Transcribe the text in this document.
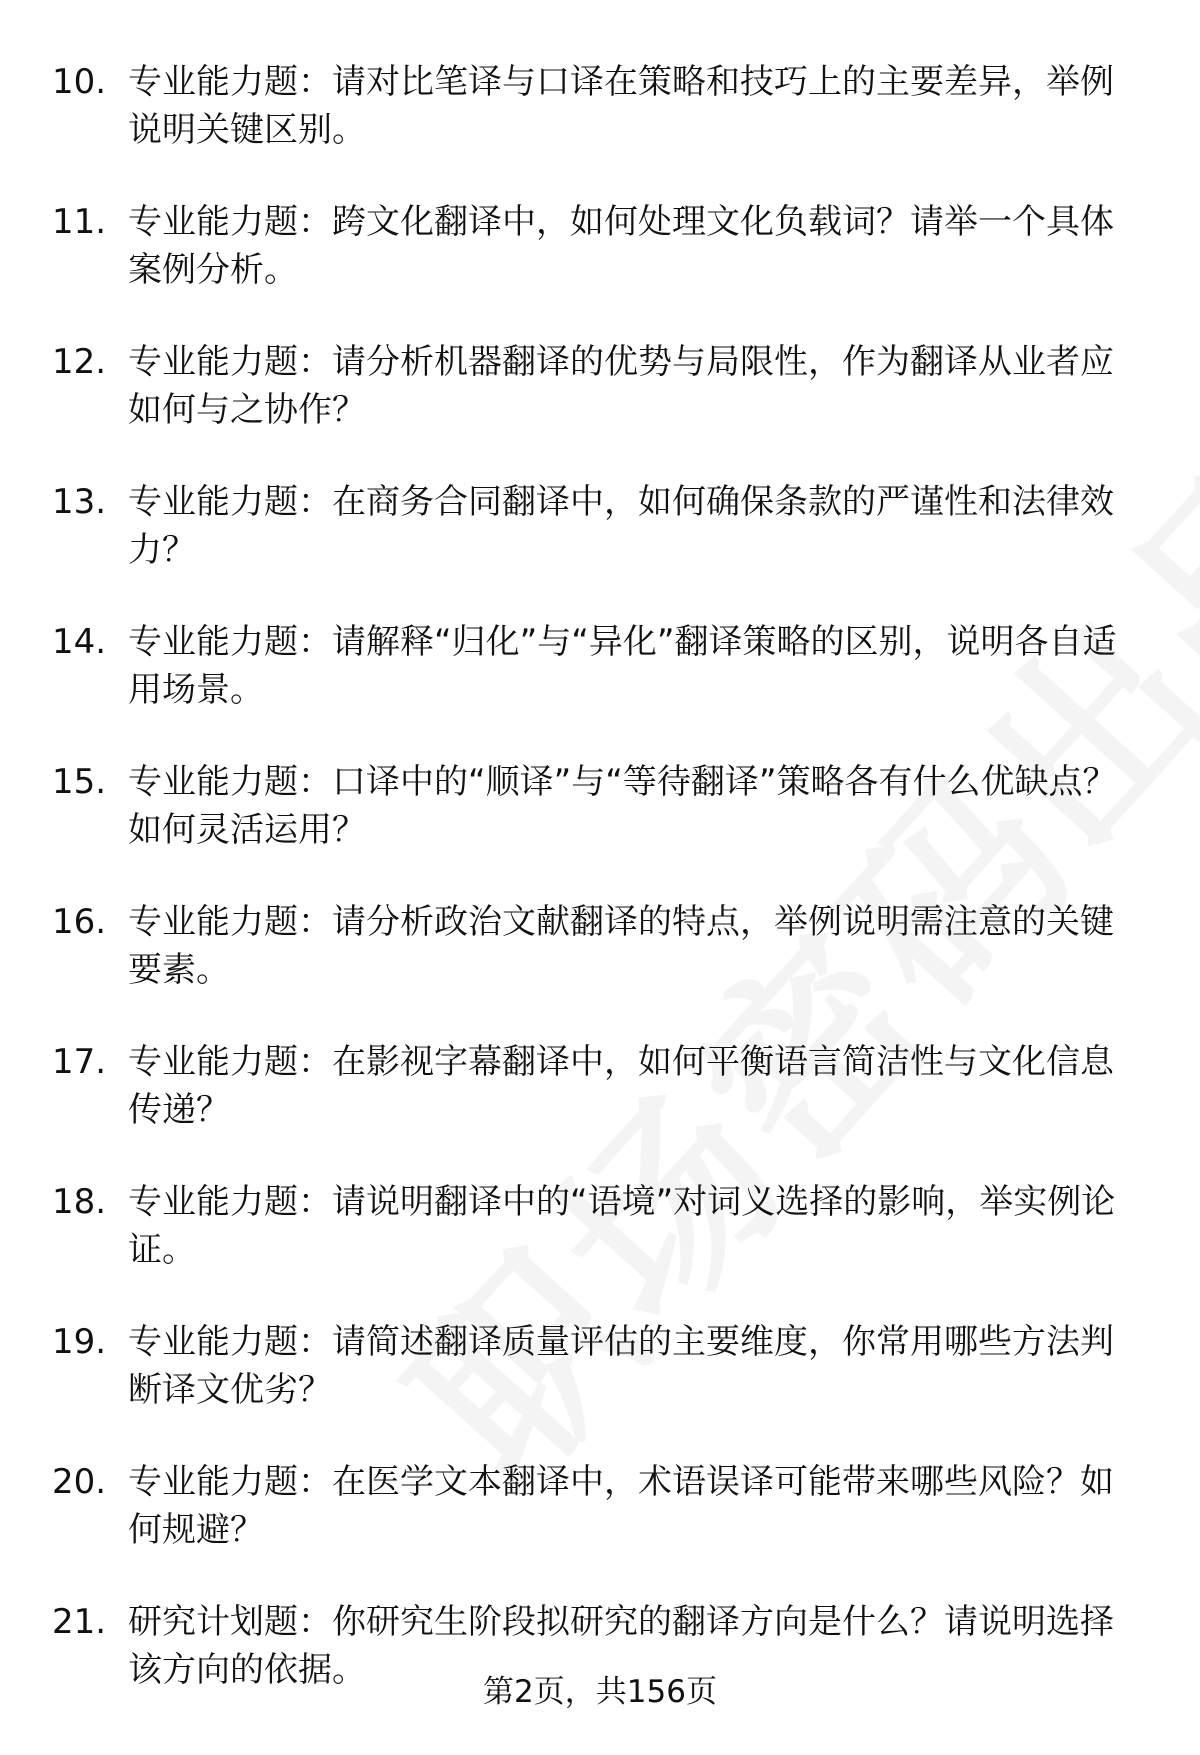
10. 专业能力题：请对比笔译与口译在策略和技巧上的主要差异，举例说明关键区别。
11. 专业能力题：跨文化翻译中，如何处理文化负载词？请举一个具体案例分析。
12. 专业能力题：请分析机器翻译的优势与局限性，作为翻译从业者应如何与之协作？
13. 专业能力题：在商务合同翻译中，如何确保条款的严谨性和法律效力？
14. 专业能力题：请解释“归化”与“异化”翻译策略的区别，说明各自适用场景。
15. 专业能力题：口译中的“顺译”与“等待翻译”策略各有什么优缺点？如何灵活运用？
16. 专业能力题：请分析政治文献翻译的特点，举例说明需注意的关键要素。
17. 专业能力题：在影视字幕翻译中，如何平衡语言简洁性与文化信息传递？
18. 专业能力题：请说明翻译中的“语境”对词义选择的影响，举实例论证。
19. 专业能力题：请简述翻译质量评估的主要维度，你常用哪些方法判断译文优劣？
20. 专业能力题：在医学文本翻译中，术语误译可能带来哪些风险？如何规避？
21. 研究计划题：你研究生阶段拟研究的翻译方向是什么？请说明选择该方向的依据。
第2页，共156页
